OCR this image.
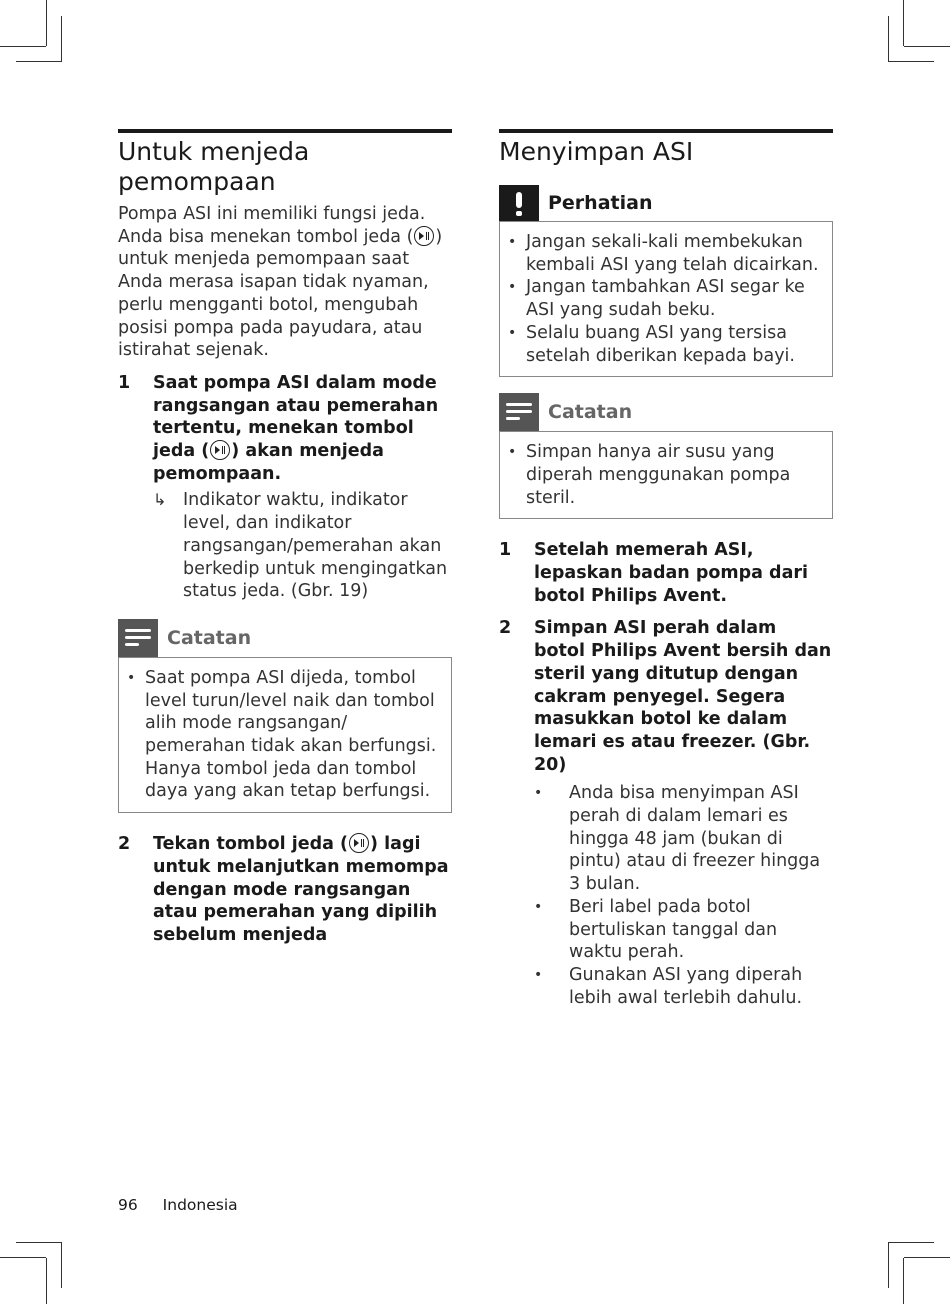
Untuk menjeda pemompaan

Pompa ASI ini memiliki fungsi jeda. Anda bisa menekan tombol jeda ( ) untuk menjeda pemompaan saat Anda merasa isapan tidak nyaman, perlu mengganti botol, mengubah posisi pompa pada payudara, atau istirahat sejenak.

1	Saat pompa ASI dalam mode rangsangan atau pemerahan tertentu, menekan tombol jeda ( ) akan menjeda pemompaan.
↳ Indikator waktu, indikator level, dan indikator rangsangan/pemerahan akan berkedip untuk mengingatkan status jeda. (Gbr. 19)
Catatan
• Saat pompa ASI dijeda, tombol level turun/level naik dan tombol alih mode rangsangan/ pemerahan tidak akan berfungsi. Hanya tombol jeda dan tombol daya yang akan tetap berfungsi.
2	Tekan tombol jeda ( ) lagi untuk melanjutkan memompa dengan mode rangsangan atau pemerahan yang dipilih sebelum menjeda
Menyimpan ASI
Perhatian
• Jangan sekali-kali membekukan kembali ASI yang telah dicairkan.
• Jangan tambahkan ASI segar ke ASI yang sudah beku.
• Selalu buang ASI yang tersisa setelah diberikan kepada bayi.
Catatan
• Simpan hanya air susu yang diperah menggunakan pompa steril.
1	Setelah memerah ASI, lepaskan badan pompa dari botol Philips Avent.
2	Simpan ASI perah dalam botol Philips Avent bersih dan steril yang ditutup dengan cakram penyegel. Segera masukkan botol ke dalam lemari es atau freezer. (Gbr. 20)
•	Anda bisa menyimpan ASI perah di dalam lemari es hingga 48 jam (bukan di pintu) atau di freezer hingga 3 bulan.
•	Beri label pada botol bertuliskan tanggal dan waktu perah.
•	Gunakan ASI yang diperah lebih awal terlebih dahulu.
96 Indonesia
